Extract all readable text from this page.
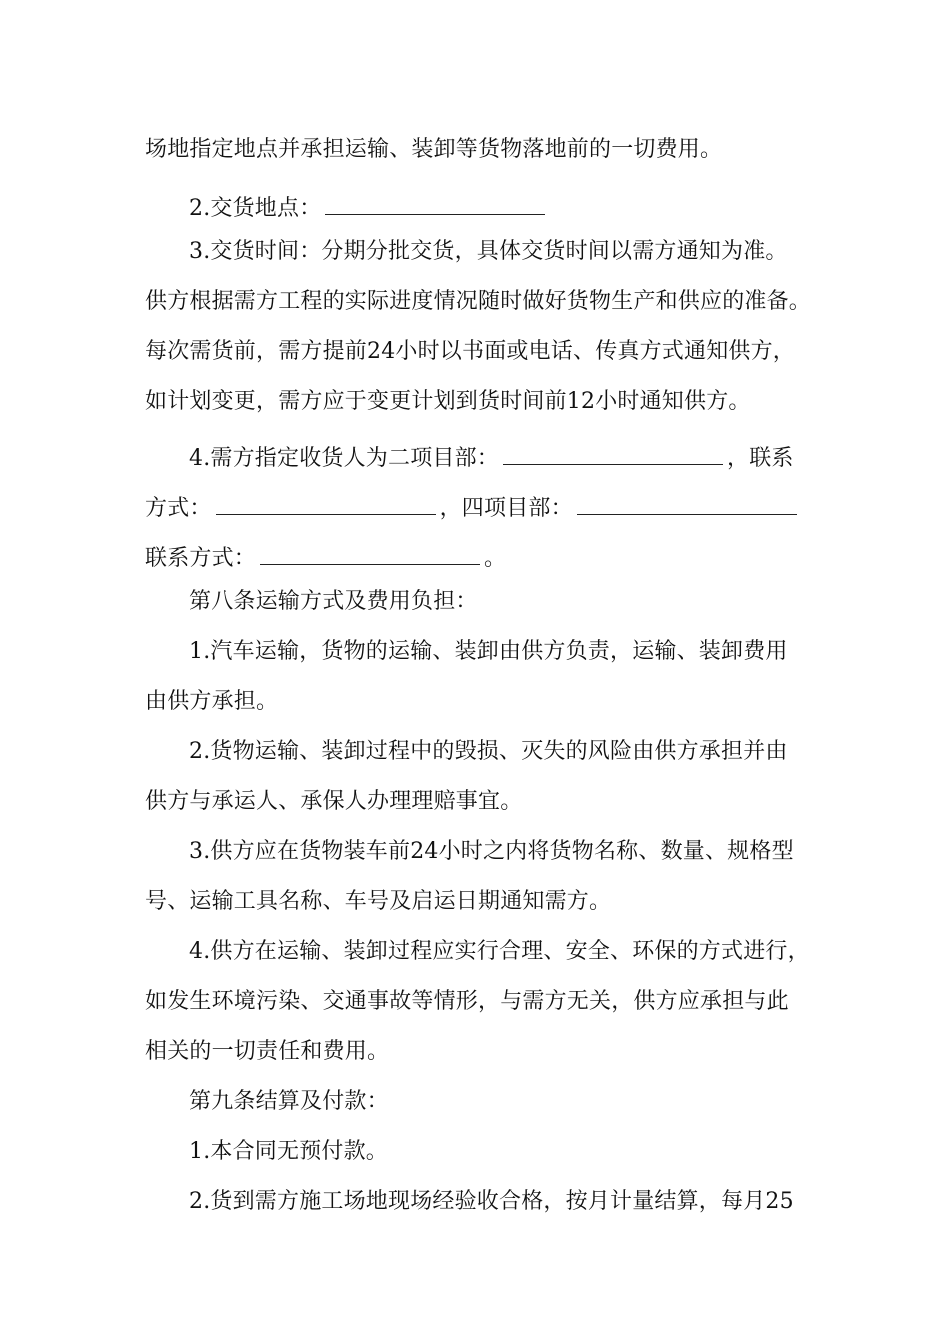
场地指定地点并承担运输、装卸等货物落地前的一切费用。
2.交货地点：
3.交货时间：分期分批交货，具体交货时间以需方通知为准。
供方根据需方工程的实际进度情况随时做好货物生产和供应的准备。
每次需货前，需方提前24小时以书面或电话、传真方式通知供方，
如计划变更，需方应于变更计划到货时间前12小时通知供方。
4.需方指定收货人为二项目部：	，联系
方式：	，四项目部：
联系方式：	。
第八条运输方式及费用负担：
1.汽车运输，货物的运输、装卸由供方负责，运输、装卸费用
由供方承担。
2.货物运输、装卸过程中的毁损、灭失的风险由供方承担并由
供方与承运人、承保人办理理赔事宜。
3.供方应在货物装车前24小时之内将货物名称、数量、规格型
号、运输工具名称、车号及启运日期通知需方。
4.供方在运输、装卸过程应实行合理、安全、环保的方式进行，
如发生环境污染、交通事故等情形，与需方无关，供方应承担与此
相关的一切责任和费用。
第九条结算及付款：
1.本合同无预付款。
2.货到需方施工场地现场经验收合格，按月计量结算，每月25
